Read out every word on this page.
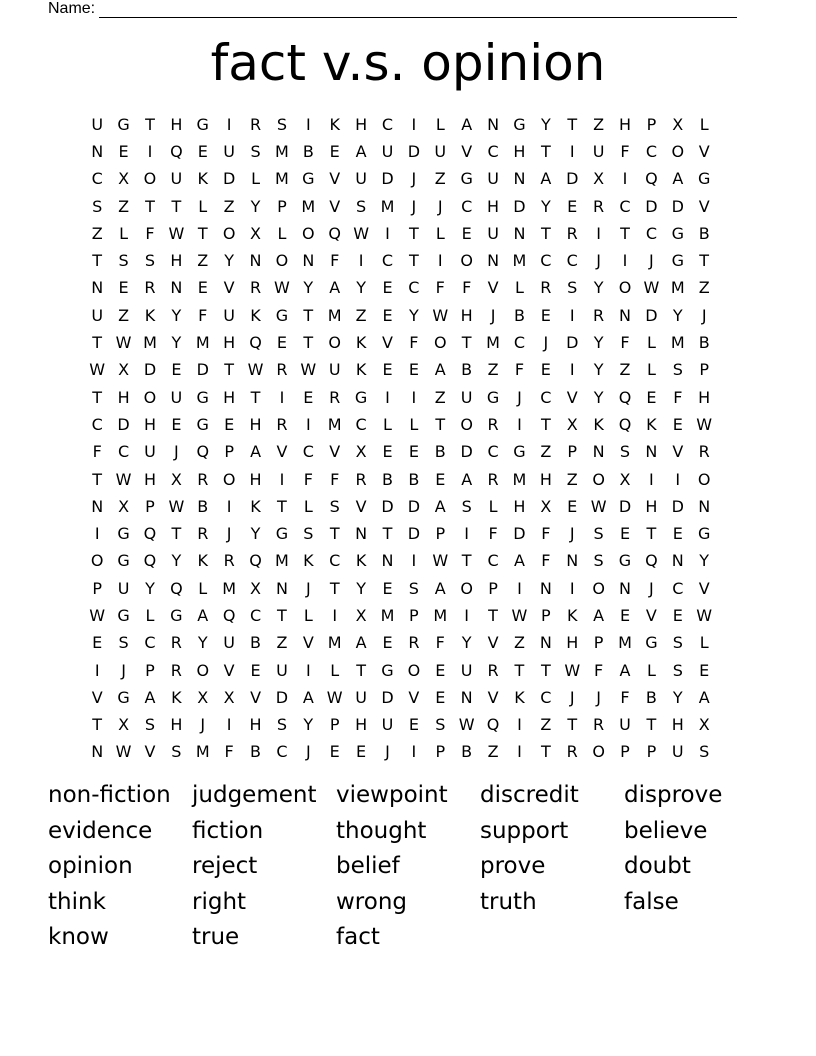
Name:
fact v.s. opinion
U G T H G	I	R S	I	K H C	I	L	A N G Y	T	Z H P	X	L
N E	I	Q E U S M B E A U D U V C H T	I	U F	C O V
C X O U K D L M G V U D	J	Z G U N A D X	I	Q A G
S Z	T	T	L	Z	Y	P M V S M	J	J	C H D Y	E R C D D V
Z	L	F W T O X	L O Q W	I	T	L	E U N T R	I	T C G B
T	S	S H Z	Y N O N F	I	C T	I	O N M C C	J	I	J	G T
N E R N E V R W Y	A	Y	E C	F	F	V	L	R S	Y O W M Z
U Z K	Y	F U K G T M Z E	Y W H	J	B E	I	R N D Y	J
T W M Y M H Q E	T O K V	F O T M C	J	D Y	F	L M B
W X D E D T W R W U K	E	E A B Z	F	E	I	Y	Z	L	S	P
T H O U G H T	I	E R G	I	I	Z U G	J	C V	Y Q E	F H
C D H E G E H R	I	M C	L	L	T O R	I	T	X K Q K	E W
F	C U	J	Q P	A V C V X E	E B D C G Z	P N S N V R
T W H X R O H	I	F	F	R B B E A R M H Z O X	I	I	O
N X	P W B	I	K	T	L	S V D D A S	L H X E W D H D N
I	G Q T R	J	Y G S	T N T D P	I	F D F	J	S	E	T	E G
O G Q Y	K R Q M K C K N	I	W T C A	F N S G Q N Y
P U Y Q L M X N	J	T	Y	E	S A O P	I	N	I	O N	J	C V
W G L G A Q C T	L	I	X M P M	I	T W P	K A E V E W
E	S C R Y U B Z V M A E R	F	Y	V Z N H P M G S	L
I	J	P	R O V E U	I	L	T G O E U R T	T W F	A	L	S	E
V G A K X X V D A W U D V E N V K C	J	J	F	B	Y	A
T	X S H	J	I	H S	Y	P H U E	S W Q	I	Z	T R U T H X
N W V S M F	B C	J	E	E	J	I	P	B Z	I	T R O P	P U S
non-fiction judgement viewpoint	discredit	disprove
evidence	fiction	thought	support	believe
opinion	reject	belief	prove	doubt
think	right	wrong	truth	false
know	true	fact
